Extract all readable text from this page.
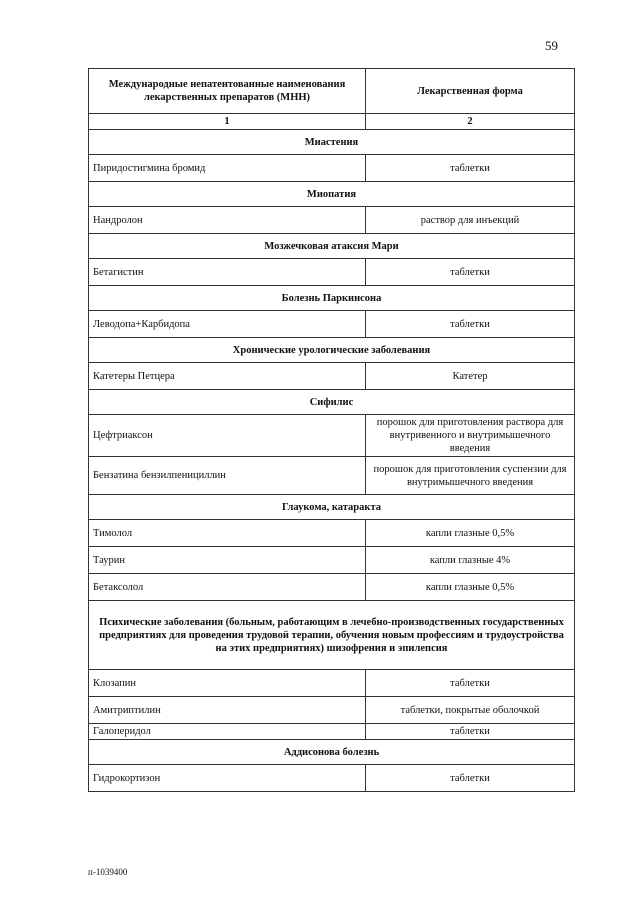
59
Международные непатентованные наименования лекарственных препаратов (МНН)	Лекарственная форма
1	2
Миастения	
Пиридостигмина бромид	таблетки
Миопатия	
Нандролон	раствор для инъекций
Мозжечковая атаксия Мари	
Бетагистин	таблетки
Болезнь Паркинсона	
Леводопа+Карбидопа	таблетки
Хронические урологические заболевания	
Катетеры Петцера	Катетер
Сифилис	
Цефтриаксон	порошок для приготовления раствора для внутривенного и внутримышечного введения
Бензатина бензилпенициллин	порошок для приготовления суспензии для внутримышечного введения
Глаукома, катаракта	
Тимолол	капли глазные 0,5%
Таурин	капли глазные 4%
Бетаксолол	капли глазные 0,5%
Психические заболевания (больным, работающим в лечебно-производственных государственных предприятиях для проведения трудовой терапии, обучения новым профессиям и трудоустройства на этих предприятиях) шизофрения и эпилепсия	
Клозапин	таблетки
Амитриптилин	таблетки, покрытые оболочкой
Галоперидол	таблетки
Аддисонова болезнь	
Гидрокортизон	таблетки
п-1039400
